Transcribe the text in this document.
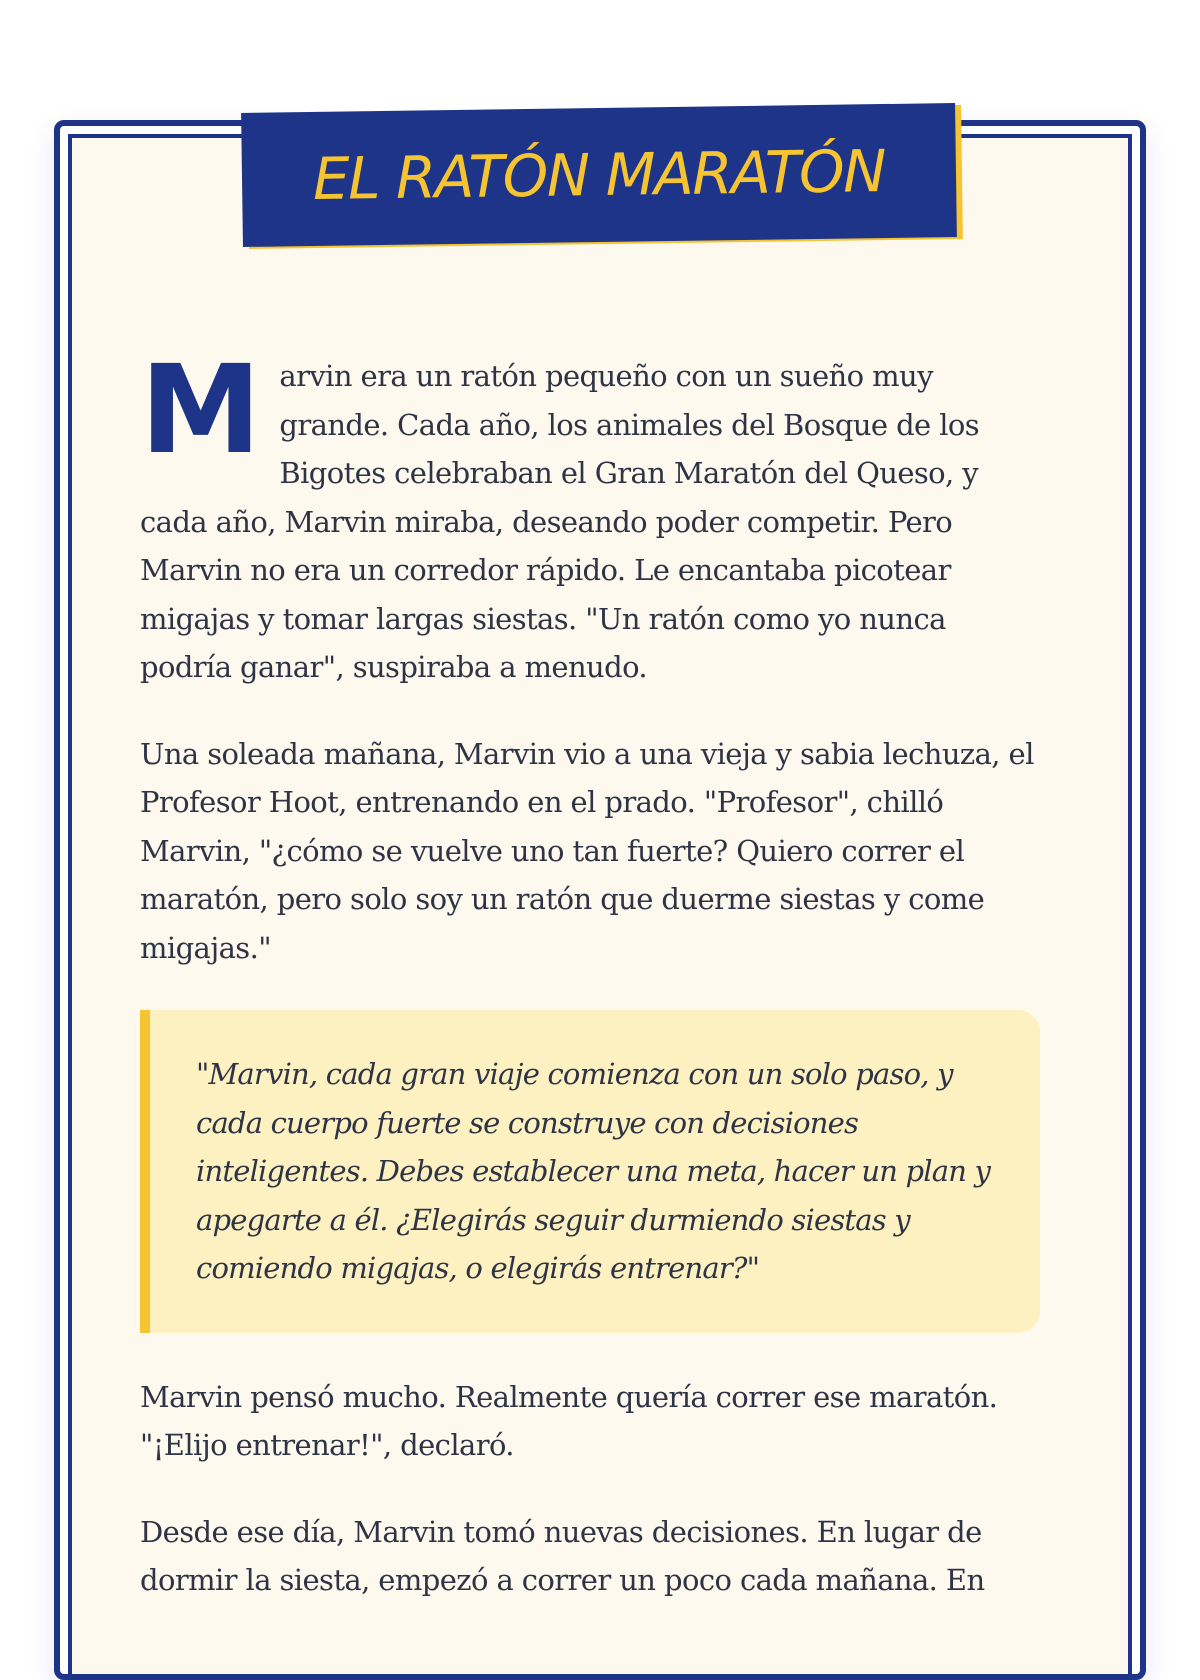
EL RATÓN MARATÓN

Marvin era un ratón pequeño con un sueño muy grande. Cada año, los animales del Bosque de los Bigotes celebraban el Gran Maratón del Queso, y cada año, Marvin miraba, deseando poder competir. Pero Marvin no era un corredor rápido. Le encantaba picotear migajas y tomar largas siestas. "Un ratón como yo nunca podría ganar", suspiraba a menudo.

Una soleada mañana, Marvin vio a una vieja y sabia lechuza, el Profesor Hoot, entrenando en el prado. "Profesor", chilló Marvin, "¿cómo se vuelve uno tan fuerte? Quiero correr el maratón, pero solo soy un ratón que duerme siestas y come migajas."

"Marvin, cada gran viaje comienza con un solo paso, y cada cuerpo fuerte se construye con decisiones inteligentes. Debes establecer una meta, hacer un plan y apegarte a él. ¿Elegirás seguir durmiendo siestas y comiendo migajas, o elegirás entrenar?"

Marvin pensó mucho. Realmente quería correr ese maratón. "¡Elijo entrenar!", declaró.

Desde ese día, Marvin tomó nuevas decisiones. En lugar de dormir la siesta, empezó a correr un poco cada mañana. En
